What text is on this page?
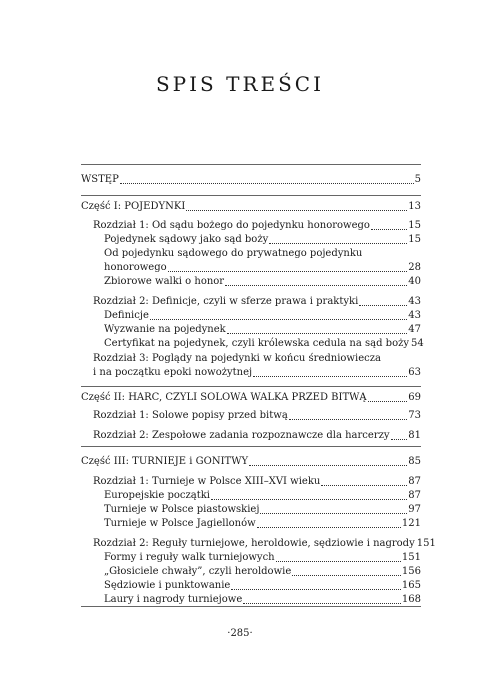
SPIS TREŚCI
WSTĘP	5
Część I: POJEDYNKI	13
Rozdział 1: Od sądu bożego do pojedynku honorowego	15
Pojedynek sądowy jako sąd boży	15
Od pojedynku sądowego do prywatnego pojedynku
honorowego	28
Zbiorowe walki o honor	40
Rozdział 2: Definicje, czyli w sferze prawa i praktyki	43
Definicje	43
Wyzwanie na pojedynek	47
Certyfikat na pojedynek, czyli królewska cedula na sąd boży 54
Rozdział 3: Poglądy na pojedynki w końcu średniowiecza
i na początku epoki nowożytnej	63
Część II: HARC, CZYLI SOLOWA WALKA PRZED BITWĄ	69
Rozdział 1: Solowe popisy przed bitwą	73
Rozdział 2: Zespołowe zadania rozpoznawcze dla harcerzy 81
Część III: TURNIEJE i GONITWY	85
Rozdział 1: Turnieje w Polsce XIII–XVI wieku	87
Europejskie początki	87
Turnieje w Polsce piastowskiej	97
Turnieje w Polsce Jagiellonów	121
Rozdział 2: Reguły turniejowe, heroldowie, sędziowie i nagrody 151
Formy i reguły walk turniejowych	151
„Głosiciele chwały”, czyli heroldowie	156
Sędziowie i punktowanie	165
Laury i nagrody turniejowe	168
·285·
